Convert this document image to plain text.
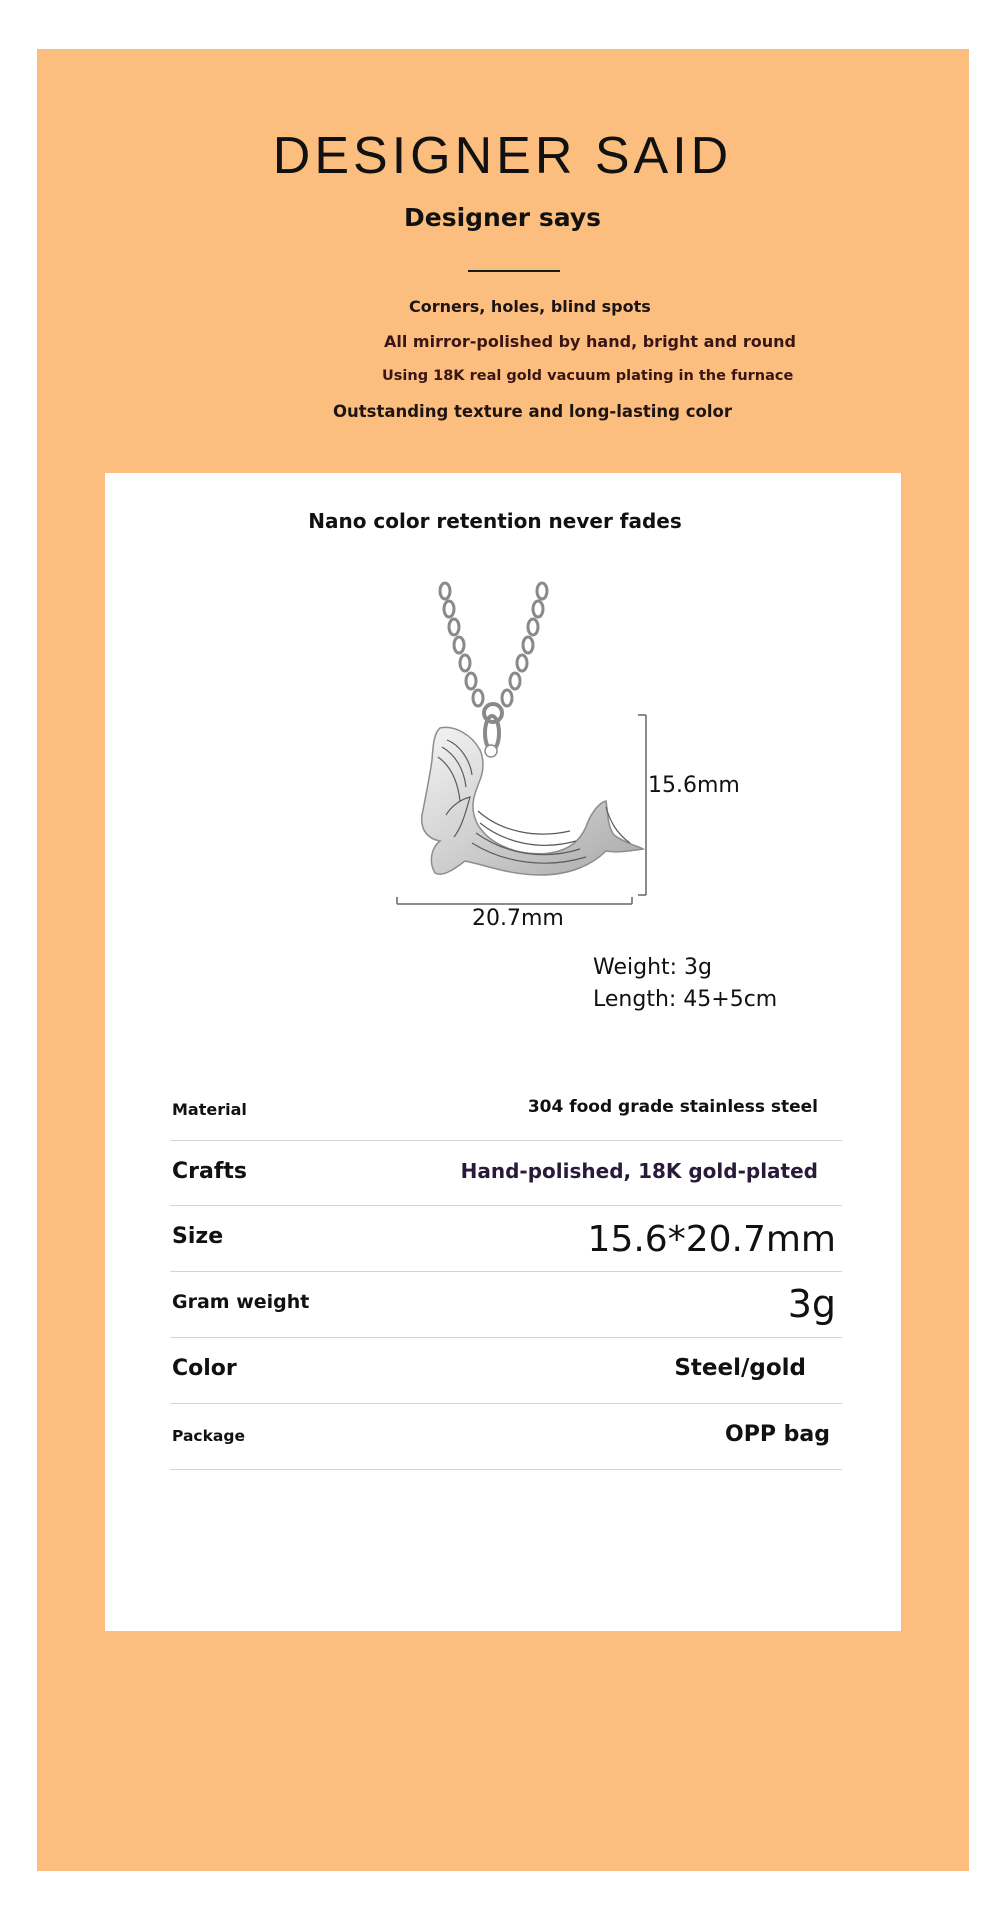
DESIGNER SAID
Designer says
Corners, holes, blind spots
All mirror-polished by hand, bright and round
Using 18K real gold vacuum plating in the furnace
Outstanding texture and long-lasting color
Nano color retention never fades
15.6mm
20.7mm
Weight: 3g
Length: 45+5cm
Material	304 food grade stainless steel
Crafts	Hand-polished, 18K gold-plated
Size	15.6*20.7mm
Gram weight	3g
Color	Steel/gold
Package	OPP bag
